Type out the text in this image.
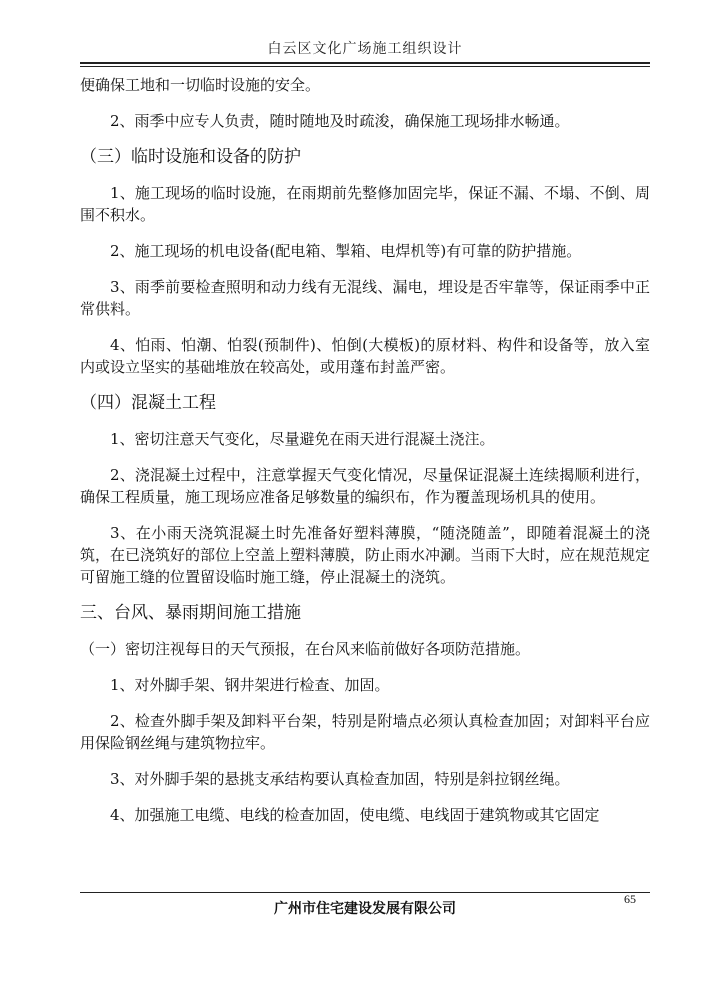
白云区文化广场施工组织设计

便确保工地和一切临时设施的安全。

2、雨季中应专人负责，随时随地及时疏浚，确保施工现场排水畅通。

（三）临时设施和设备的防护

1、施工现场的临时设施，在雨期前先整修加固完毕，保证不漏、不塌、不倒、周围不积水。

2、施工现场的机电设备(配电箱、掣箱、电焊机等)有可靠的防护措施。

3、雨季前要检查照明和动力线有无混线、漏电，埋设是否牢靠等，保证雨季中正常供料。

4、怕雨、怕潮、怕裂(预制件)、怕倒(大模板)的原材料、构件和设备等，放入室内或设立坚实的基础堆放在较高处，或用蓬布封盖严密。

（四）混凝土工程

1、密切注意天气变化，尽量避免在雨天进行混凝土浇注。

2、浇混凝土过程中，注意掌握天气变化情况，尽量保证混凝土连续揭顺利进行，确保工程质量，施工现场应准备足够数量的编织布，作为覆盖现场机具的使用。

3、在小雨天浇筑混凝土时先准备好塑料薄膜，“随浇随盖”，即随着混凝土的浇筑，在已浇筑好的部位上空盖上塑料薄膜，防止雨水冲涮。当雨下大时，应在规范规定可留施工缝的位置留设临时施工缝，停止混凝土的浇筑。

三、台风、暴雨期间施工措施

（一）密切注视每日的天气预报，在台风来临前做好各项防范措施。

1、对外脚手架、钢井架进行检查、加固。

2、检查外脚手架及卸料平台架，特别是附墙点必须认真检查加固；对卸料平台应用保险钢丝绳与建筑物拉牢。

3、对外脚手架的悬挑支承结构要认真检查加固，特别是斜拉钢丝绳。

4、加强施工电缆、电线的检查加固，使电缆、电线固于建筑物或其它固定

广州市住宅建设发展有限公司
65
